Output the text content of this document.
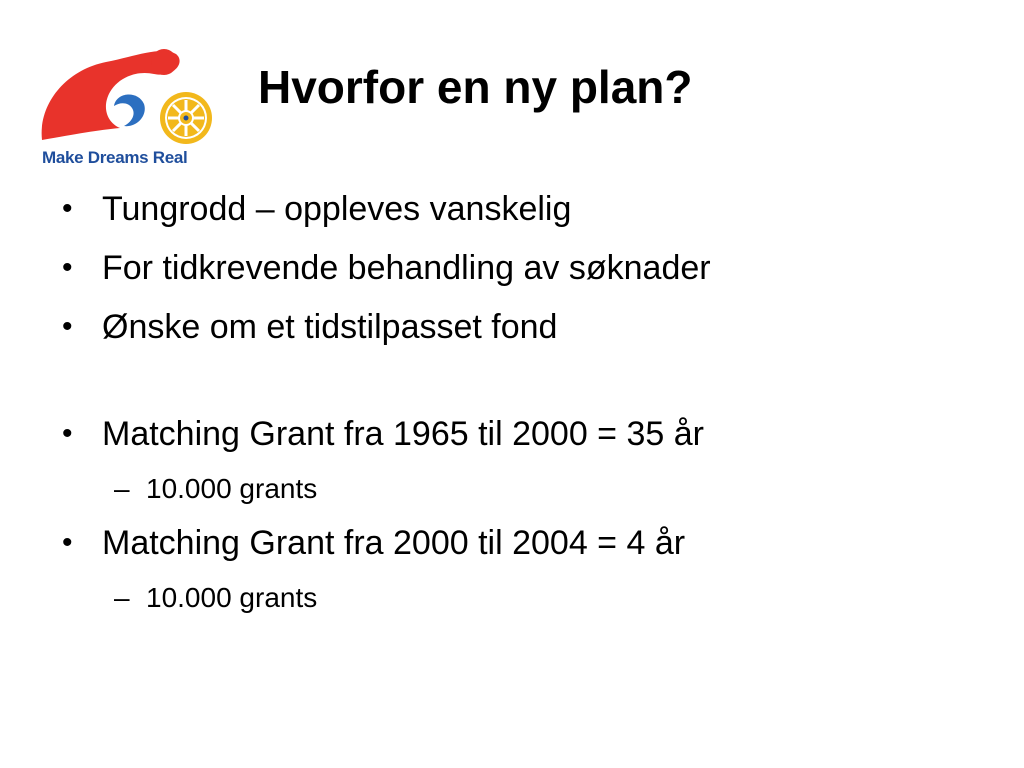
Make Dreams Real
Hvorfor en ny plan?
• Tungrodd – oppleves vanskelig
• For tidkrevende behandling av søknader
• Ønske om et tidstilpasset fond
• Matching Grant fra 1965 til 2000 = 35 år
– 10.000 grants
• Matching Grant fra 2000 til 2004 = 4 år
– 10.000 grants
